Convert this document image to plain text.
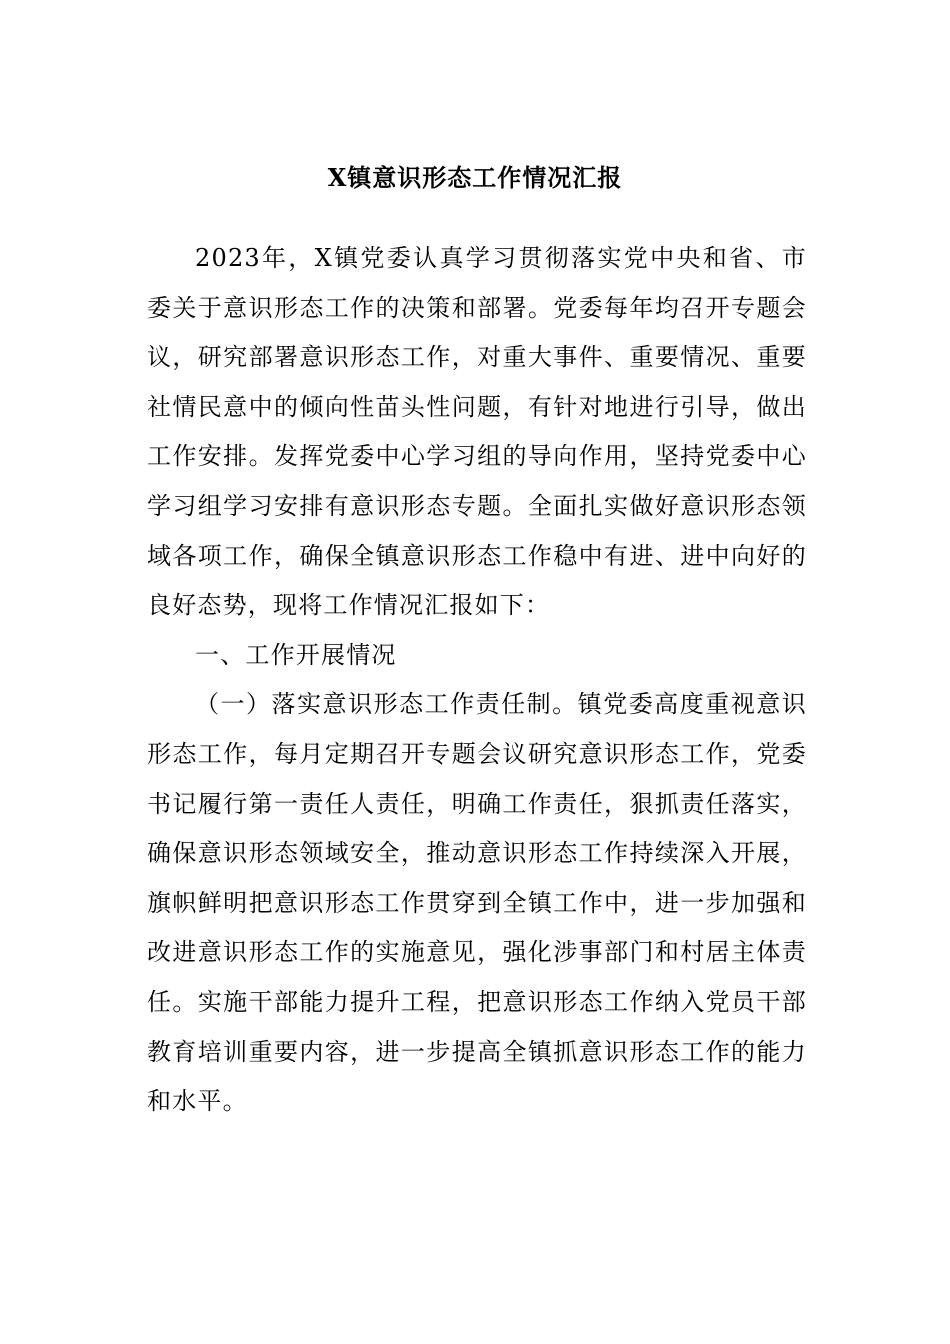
X镇意识形态工作情况汇报

2023年，X镇党委认真学习贯彻落实党中央和省、市委关于意识形态工作的决策和部署。党委每年均召开专题会议，研究部署意识形态工作，对重大事件、重要情况、重要社情民意中的倾向性苗头性问题，有针对地进行引导，做出工作安排。发挥党委中心学习组的导向作用，坚持党委中心学习组学习安排有意识形态专题。全面扎实做好意识形态领域各项工作，确保全镇意识形态工作稳中有进、进中向好的良好态势，现将工作情况汇报如下：

一、工作开展情况

（一）落实意识形态工作责任制。镇党委高度重视意识形态工作，每月定期召开专题会议研究意识形态工作，党委书记履行第一责任人责任，明确工作责任，狠抓责任落实，确保意识形态领域安全，推动意识形态工作持续深入开展，旗帜鲜明把意识形态工作贯穿到全镇工作中，进一步加强和改进意识形态工作的实施意见，强化涉事部门和村居主体责任。实施干部能力提升工程，把意识形态工作纳入党员干部教育培训重要内容，进一步提高全镇抓意识形态工作的能力和水平。
